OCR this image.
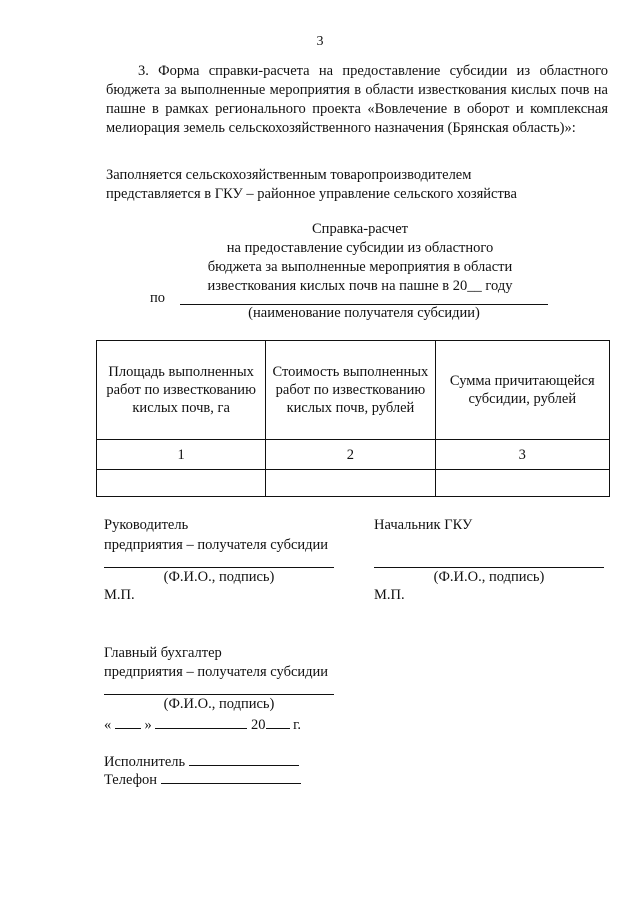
3

3. Форма справки-расчета на предоставление субсидии из областного бюджета за выполненные мероприятия в области известкования кислых почв на пашне в рамках регионального проекта «Вовлечение в оборот и комплексная мелиорация земель сельскохозяйственного назначения (Брянская область)»:

Заполняется сельскохозяйственным товаропроизводителем
представляется в ГКУ – районное управление сельского хозяйства
Справка-расчет
на предоставление субсидии из областного
бюджета за выполненные мероприятия в области
известкования кислых почв на пашне в 20__ году
по
(наименование получателя субсидии)
Площадь выполненных работ по известкованию кислых почв, га	Стоимость выполненных работ по известкованию кислых почв, рублей	Сумма причитающейся субсидии, рублей
1	2	3

Руководитель
предприятия – получателя субсидии
(Ф.И.О., подпись)
М.П.
Начальник ГКУ
(Ф.И.О., подпись)
М.П.
Главный бухгалтер
предприятия – получателя субсидии
(Ф.И.О., подпись)
« »	20 г.
Исполнитель
Телефон
